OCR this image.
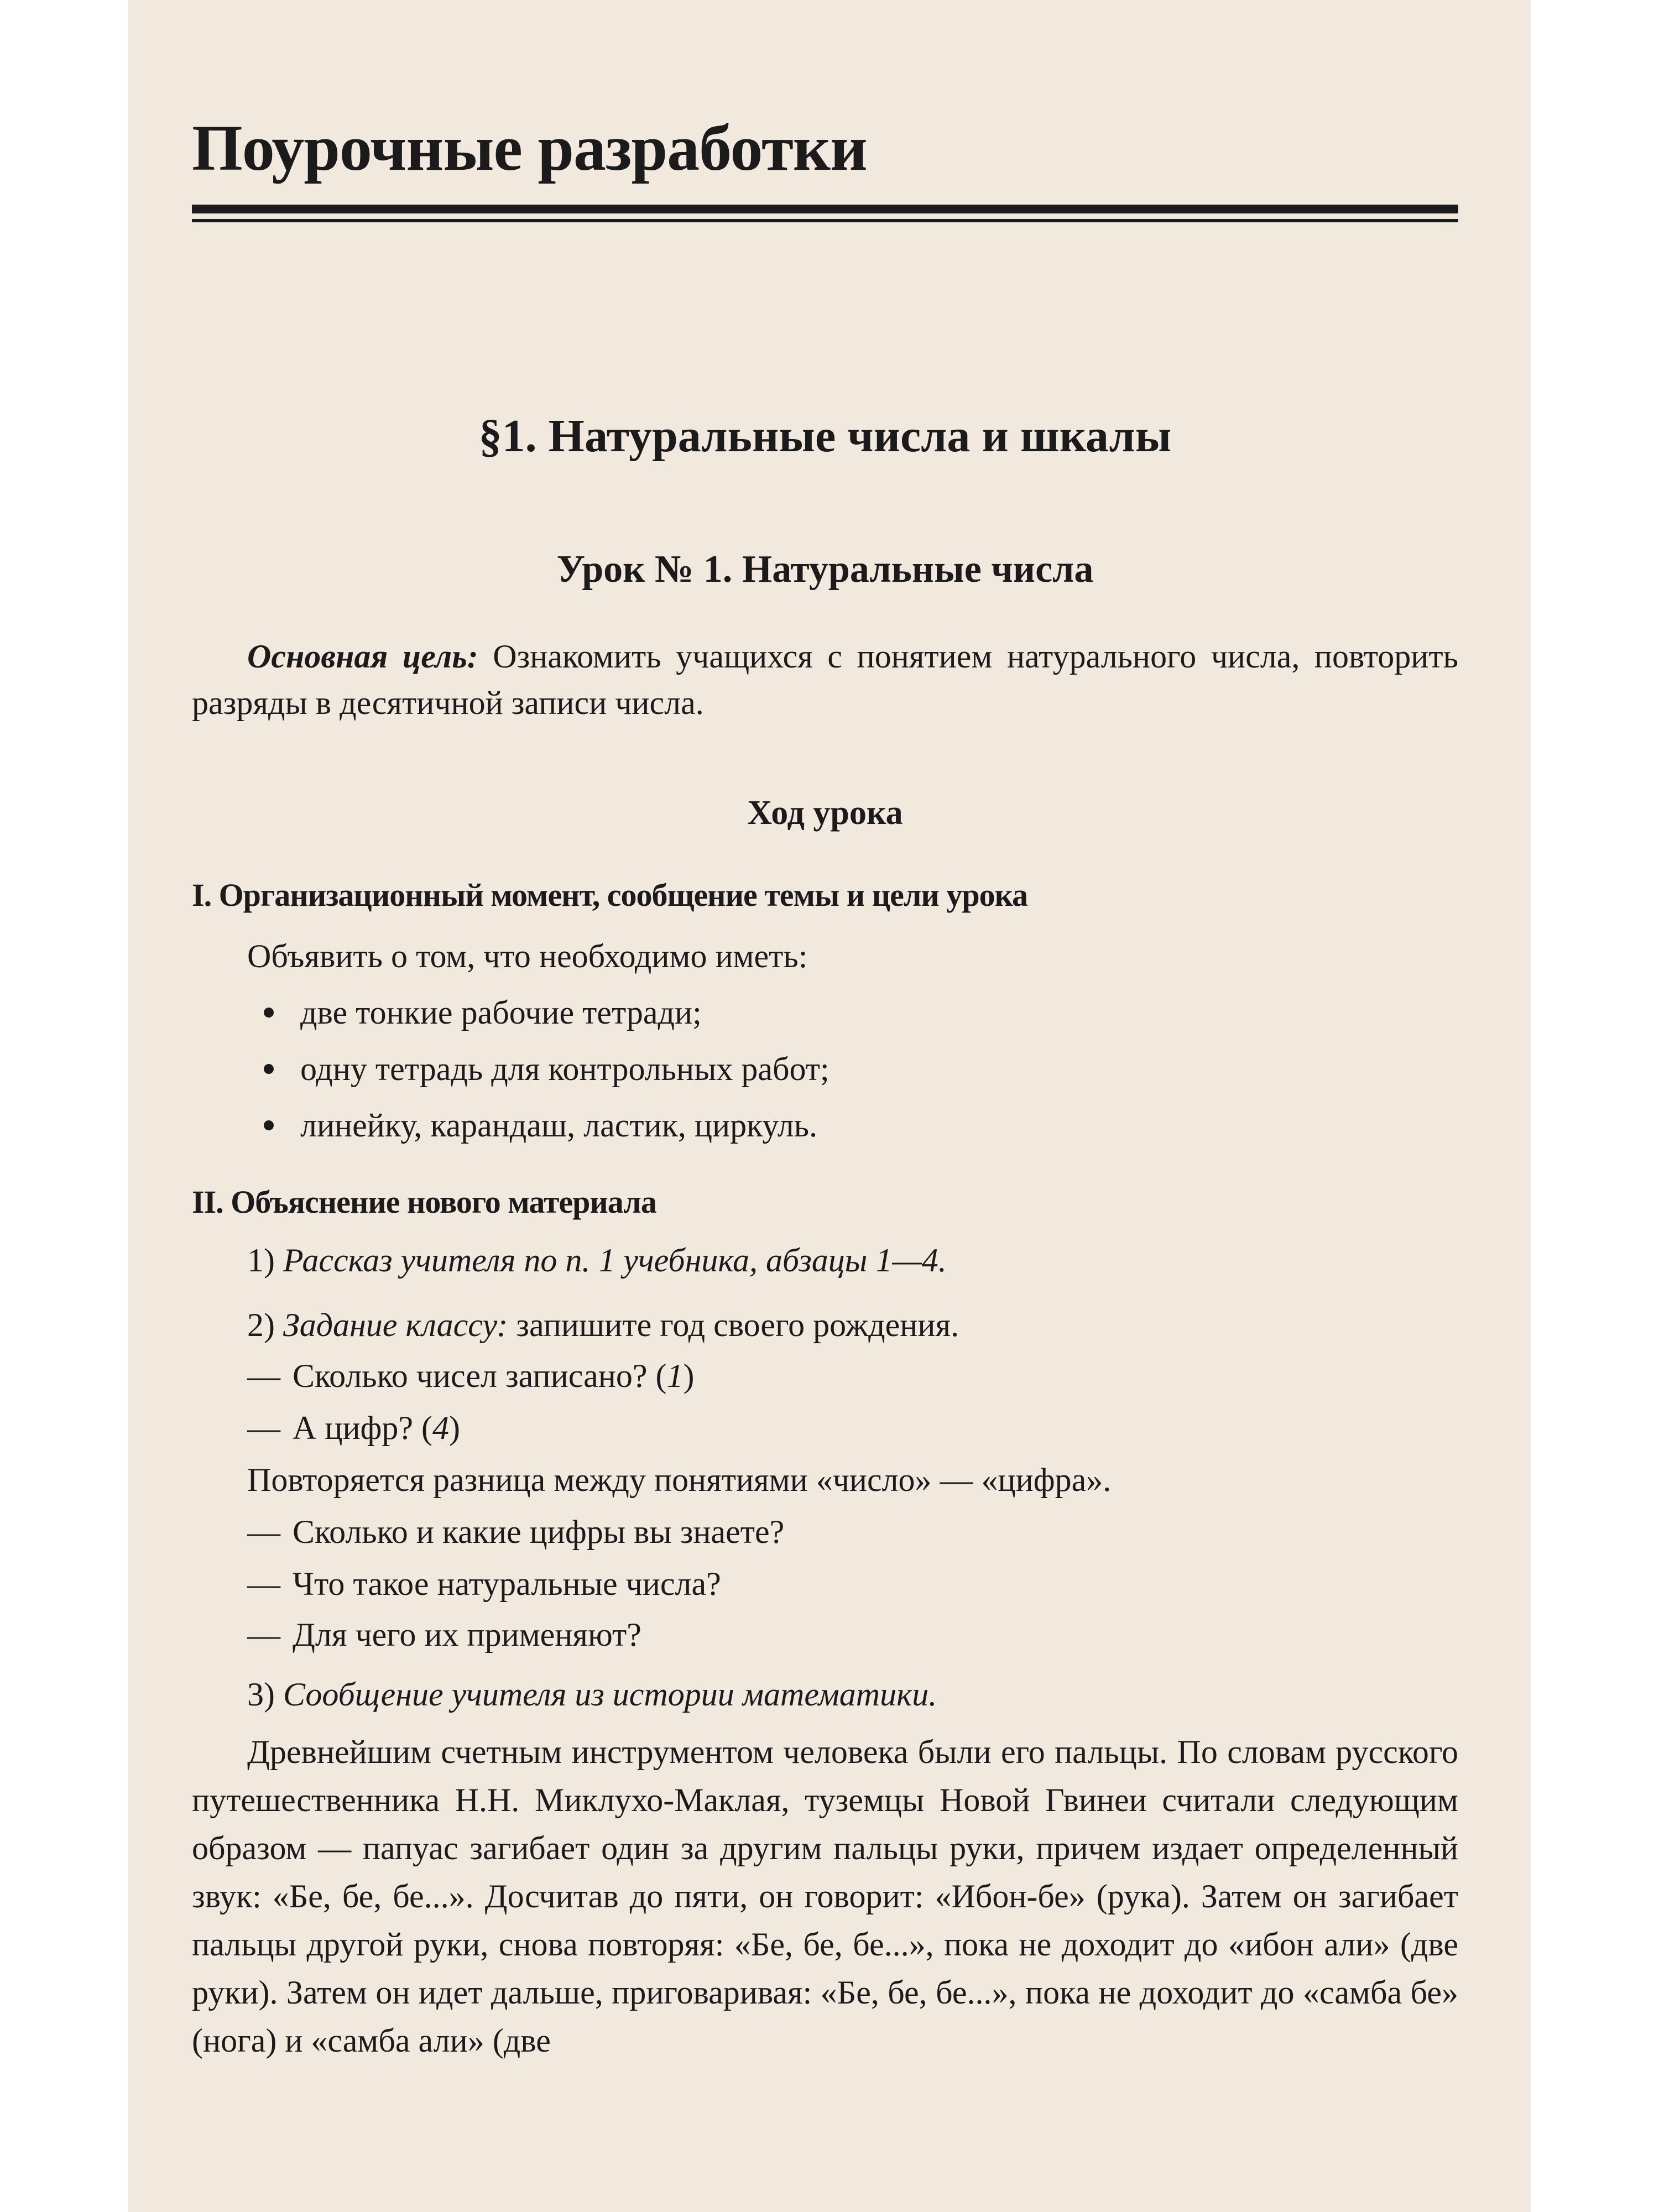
Поурочные разработки
§1. Натуральные числа и шкалы
Урок № 1. Натуральные числа
Основная цель: Ознакомить учащихся с понятием натурального числа, повторить разряды в десятичной записи числа.
Ход урока
I. Организационный момент, сообщение темы и цели урока
Объявить о том, что необходимо иметь:
две тонкие рабочие тетради;
одну тетрадь для контрольных работ;
линейку, карандаш, ластик, циркуль.
II. Объяснение нового материала
1) Рассказ учителя по п. 1 учебника, абзацы 1—4.
2) Задание классу: запишите год своего рождения.
— Сколько чисел записано? (1)
— А цифр? (4)
Повторяется разница между понятиями «число» — «цифра».
— Сколько и какие цифры вы знаете?
— Что такое натуральные числа?
— Для чего их применяют?
3) Сообщение учителя из истории математики.
Древнейшим счетным инструментом человека были его пальцы. По словам русского путешественника Н.Н. Миклухо-Маклая, туземцы Новой Гвинеи считали следующим образом — папуас загибает один за другим пальцы руки, причем издает определенный звук: «Бе, бе, бе...». Досчитав до пяти, он говорит: «Ибон-бе» (рука). Затем он загибает пальцы другой руки, снова повторяя: «Бе, бе, бе...», пока не доходит до «ибон али» (две руки). Затем он идет дальше, приговаривая: «Бе, бе, бе...», пока не доходит до «самба бе» (нога) и «самба али» (две
